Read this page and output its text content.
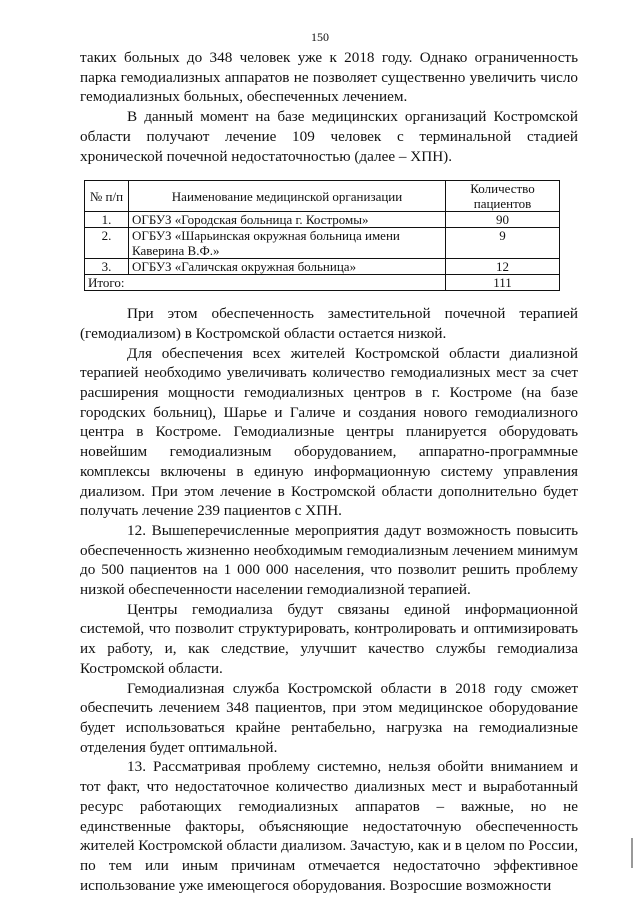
150

таких больных до 348 человек уже к 2018 году. Однако ограниченность парка гемодиализных аппаратов не позволяет существенно увеличить число гемодиализных больных, обеспеченных лечением.

В данный момент на базе медицинских организаций Костромской области получают лечение 109 человек с терминальной стадией хронической почечной недостаточностью (далее – ХПН).

№ п/п	Наименование медицинской организации	Количество пациентов
1.	ОГБУЗ «Городская больница г. Костромы»	90
2.	ОГБУЗ «Шарьинская окружная больница имени Каверина В.Ф.»	9
3.	ОГБУЗ «Галичская окружная больница»	12
Итого:		111

При этом обеспеченность заместительной почечной терапией (гемодиализом) в Костромской области остается низкой.

Для обеспечения всех жителей Костромской области диализной терапией необходимо увеличивать количество гемодиализных мест за счет расширения мощности гемодиализных центров в г. Костроме (на базе городских больниц), Шарье и Галиче и создания нового гемодиализного центра в Костроме. Гемодиализные центры планируется оборудовать новейшим гемодиализным оборудованием, аппаратно-программные комплексы включены в единую информационную систему управления диализом. При этом лечение в Костромской области дополнительно будет получать лечение 239 пациентов с ХПН.

12. Вышеперечисленные мероприятия дадут возможность повысить обеспеченность жизненно необходимым гемодиализным лечением минимум до 500 пациентов на 1 000 000 населения, что позволит решить проблему низкой обеспеченности населении гемодиализной терапией.

Центры гемодиализа будут связаны единой информационной системой, что позволит структурировать, контролировать и оптимизировать их работу, и, как следствие, улучшит качество службы гемодиализа Костромской области.

Гемодиализная служба Костромской области в 2018 году сможет обеспечить лечением 348 пациентов, при этом медицинское оборудование будет использоваться крайне рентабельно, нагрузка на гемодиализные отделения будет оптимальной.

13. Рассматривая проблему системно, нельзя обойти вниманием и тот факт, что недостаточное количество диализных мест и выработанный ресурс работающих гемодиализных аппаратов – важные, но не единственные факторы, объясняющие недостаточную обеспеченность жителей Костромской области диализом. Зачастую, как и в целом по России, по тем или иным причинам отмечается недостаточно эффективное использование уже имеющегося оборудования. Возросшие возможности
